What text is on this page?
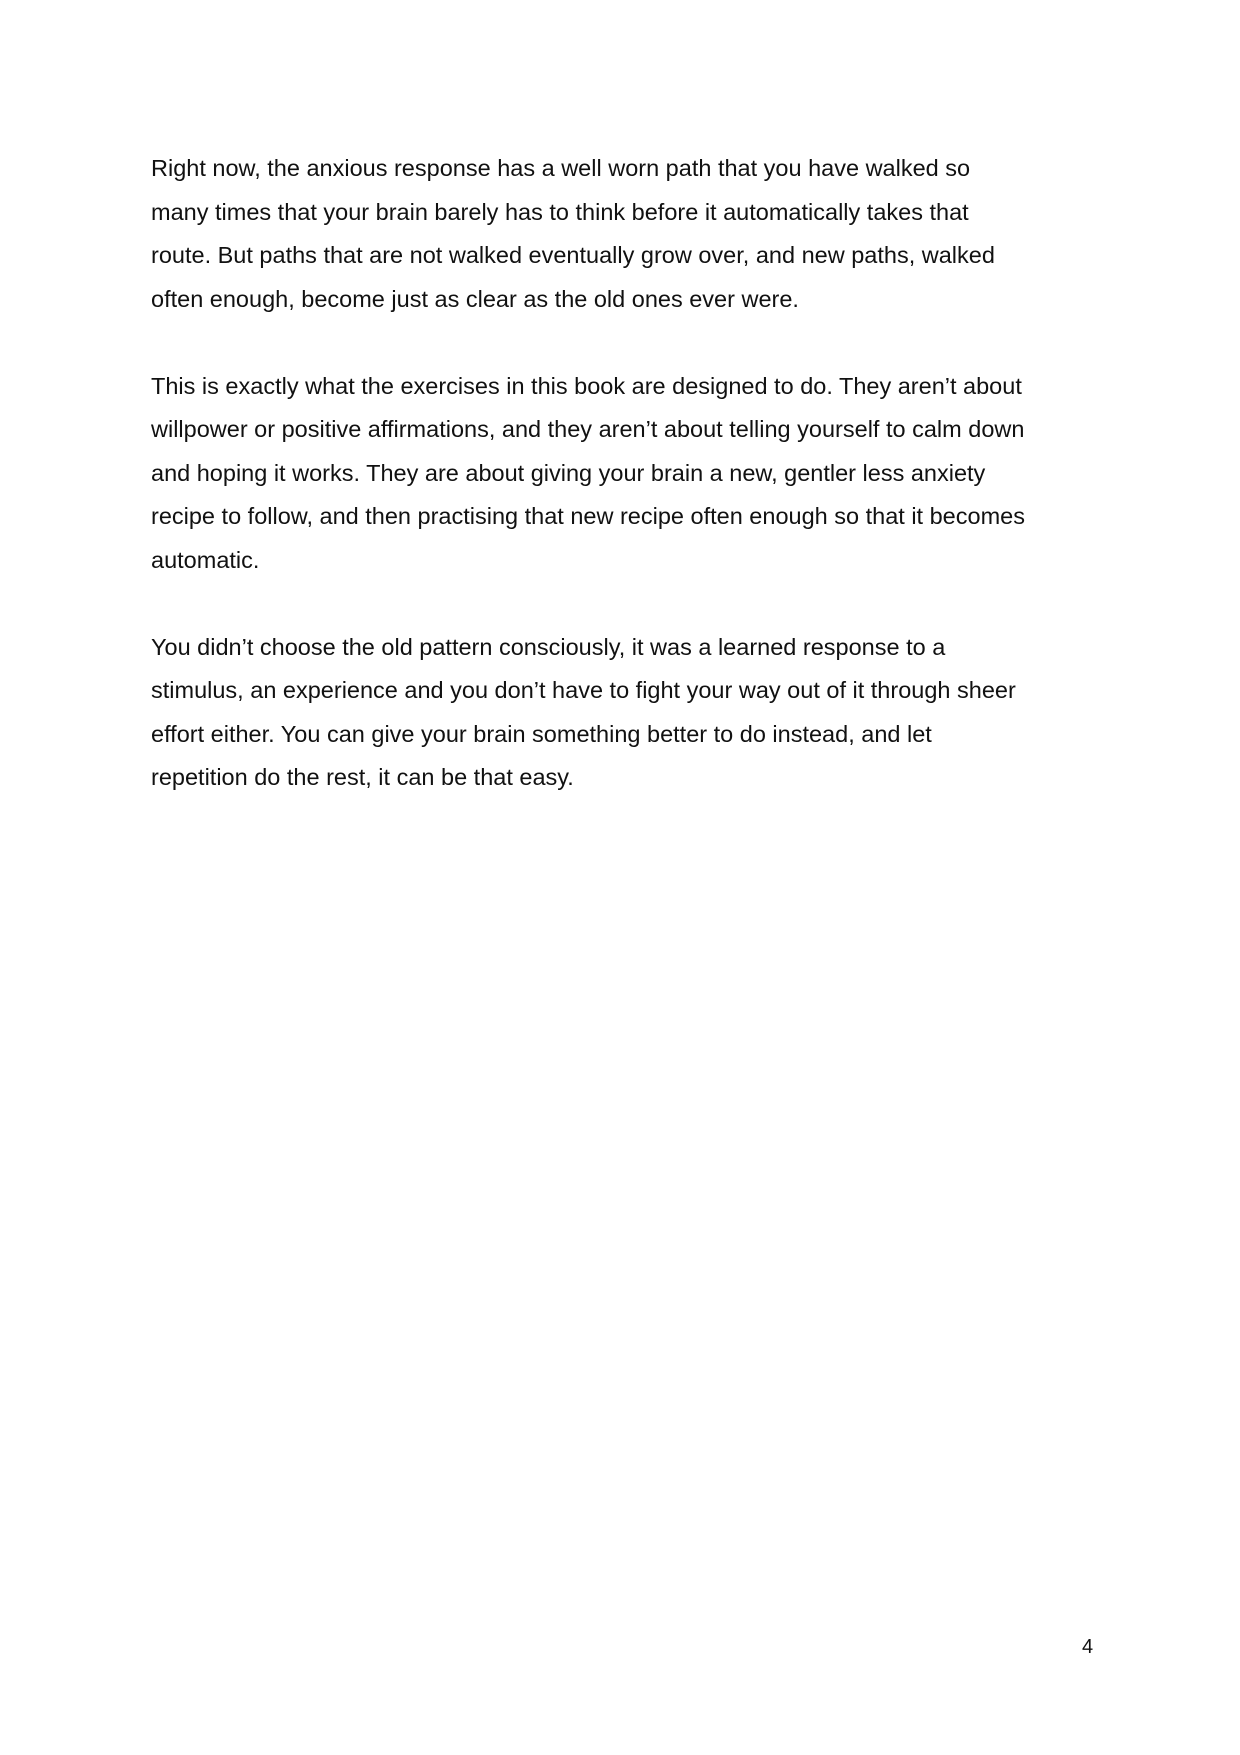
Right now, the anxious response has a well worn path that you have walked so
many times that your brain barely has to think before it automatically takes that
route. But paths that are not walked eventually grow over, and new paths, walked
often enough, become just as clear as the old ones ever were.

This is exactly what the exercises in this book are designed to do. They aren’t about
willpower or positive affirmations, and they aren’t about telling yourself to calm down
and hoping it works. They are about giving your brain a new, gentler less anxiety
recipe to follow, and then practising that new recipe often enough so that it becomes
automatic.

You didn’t choose the old pattern consciously, it was a learned response to a
stimulus, an experience and you don’t have to fight your way out of it through sheer
effort either. You can give your brain something better to do instead, and let
repetition do the rest, it can be that easy.

4
